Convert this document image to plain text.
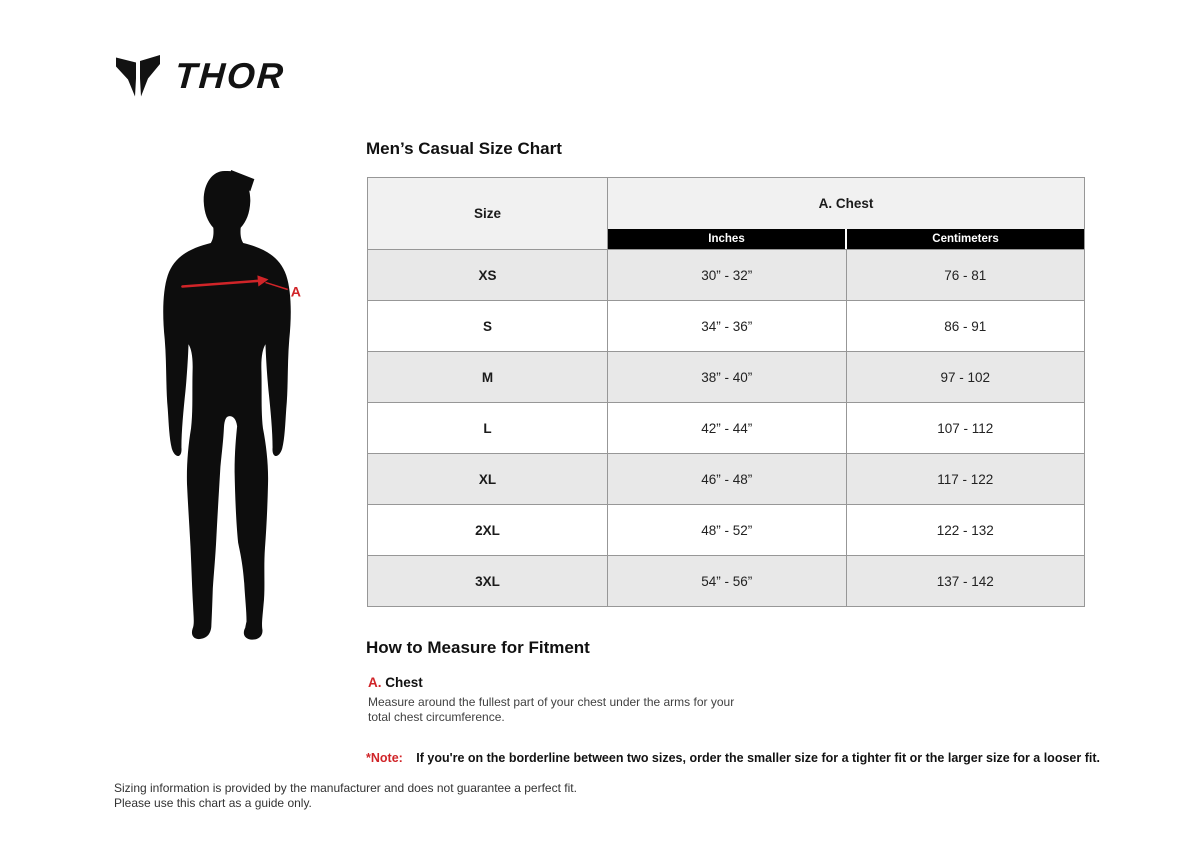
THOR
A
Men’s Casual Size Chart
Size
A. Chest
Inches	Centimeters
XS	30” - 32”	76 - 81
S	34” - 36”	86 - 91
M	38” - 40”	97 - 102
L	42” - 44”	107 - 112
XL	46” - 48”	117 - 122
2XL	48” - 52”	122 - 132
3XL	54” - 56”	137 - 142
How to Measure for Fitment
A. Chest
Measure around the fullest part of your chest under the arms for your total chest circumference.
*Note: If you're on the borderline between two sizes, order the smaller size for a tighter fit or the larger size for a looser fit.
Sizing information is provided by the manufacturer and does not guarantee a perfect fit.
Please use this chart as a guide only.
